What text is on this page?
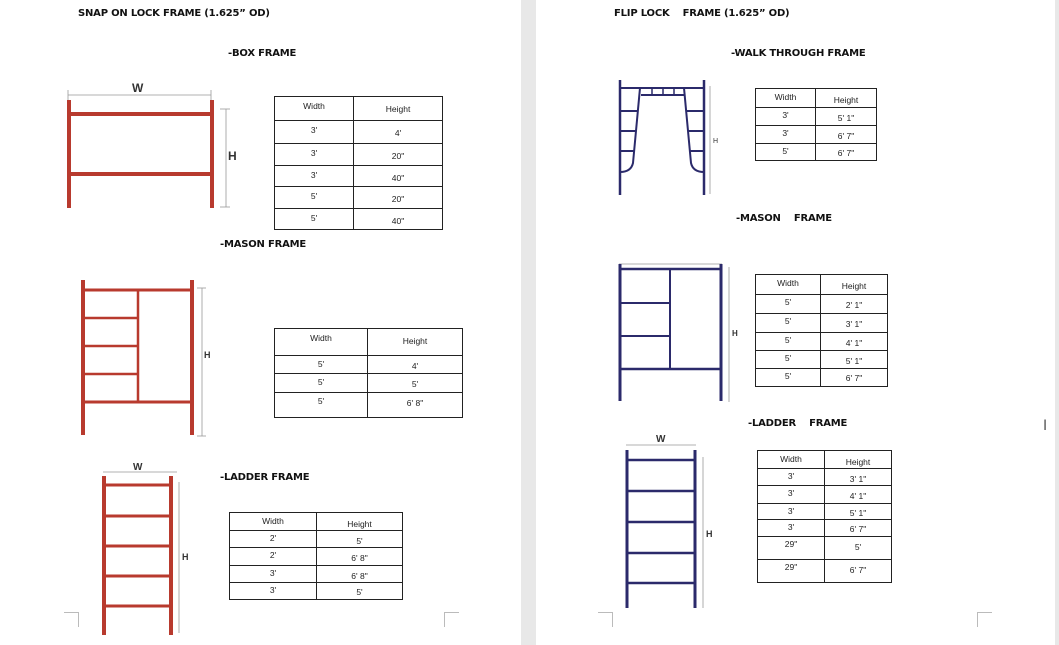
SNAP ON LOCK FRAME (1.625” OD)
-BOX FRAME
W
H
Width	Height
3'	4'
3'	20"
3'	40"
5'	20"
5'	40"
-MASON FRAME
H
Width	Height
5'	4'
5'	5'
5'	6' 8"
-LADDER FRAME
W
H
Width	Height
2'	5'
2'	6' 8"
3'	6' 8"
3'	5'
FLIP LOCK    FRAME (1.625” OD)
-WALK THROUGH FRAME
H
Width	Height
3'	5' 1"
3'	6' 7"
5'	6' 7"
-MASON    FRAME
H
Width	Height
5'	2' 1"
5'	3' 1"
5'	4' 1"
5'	5' 1"
5'	6' 7"
-LADDER    FRAME
W
H
Width	Height
3'	3' 1"
3'	4' 1"
3'	5' 1"
3'	6' 7"
29"	5'
29"	6' 7"
I
